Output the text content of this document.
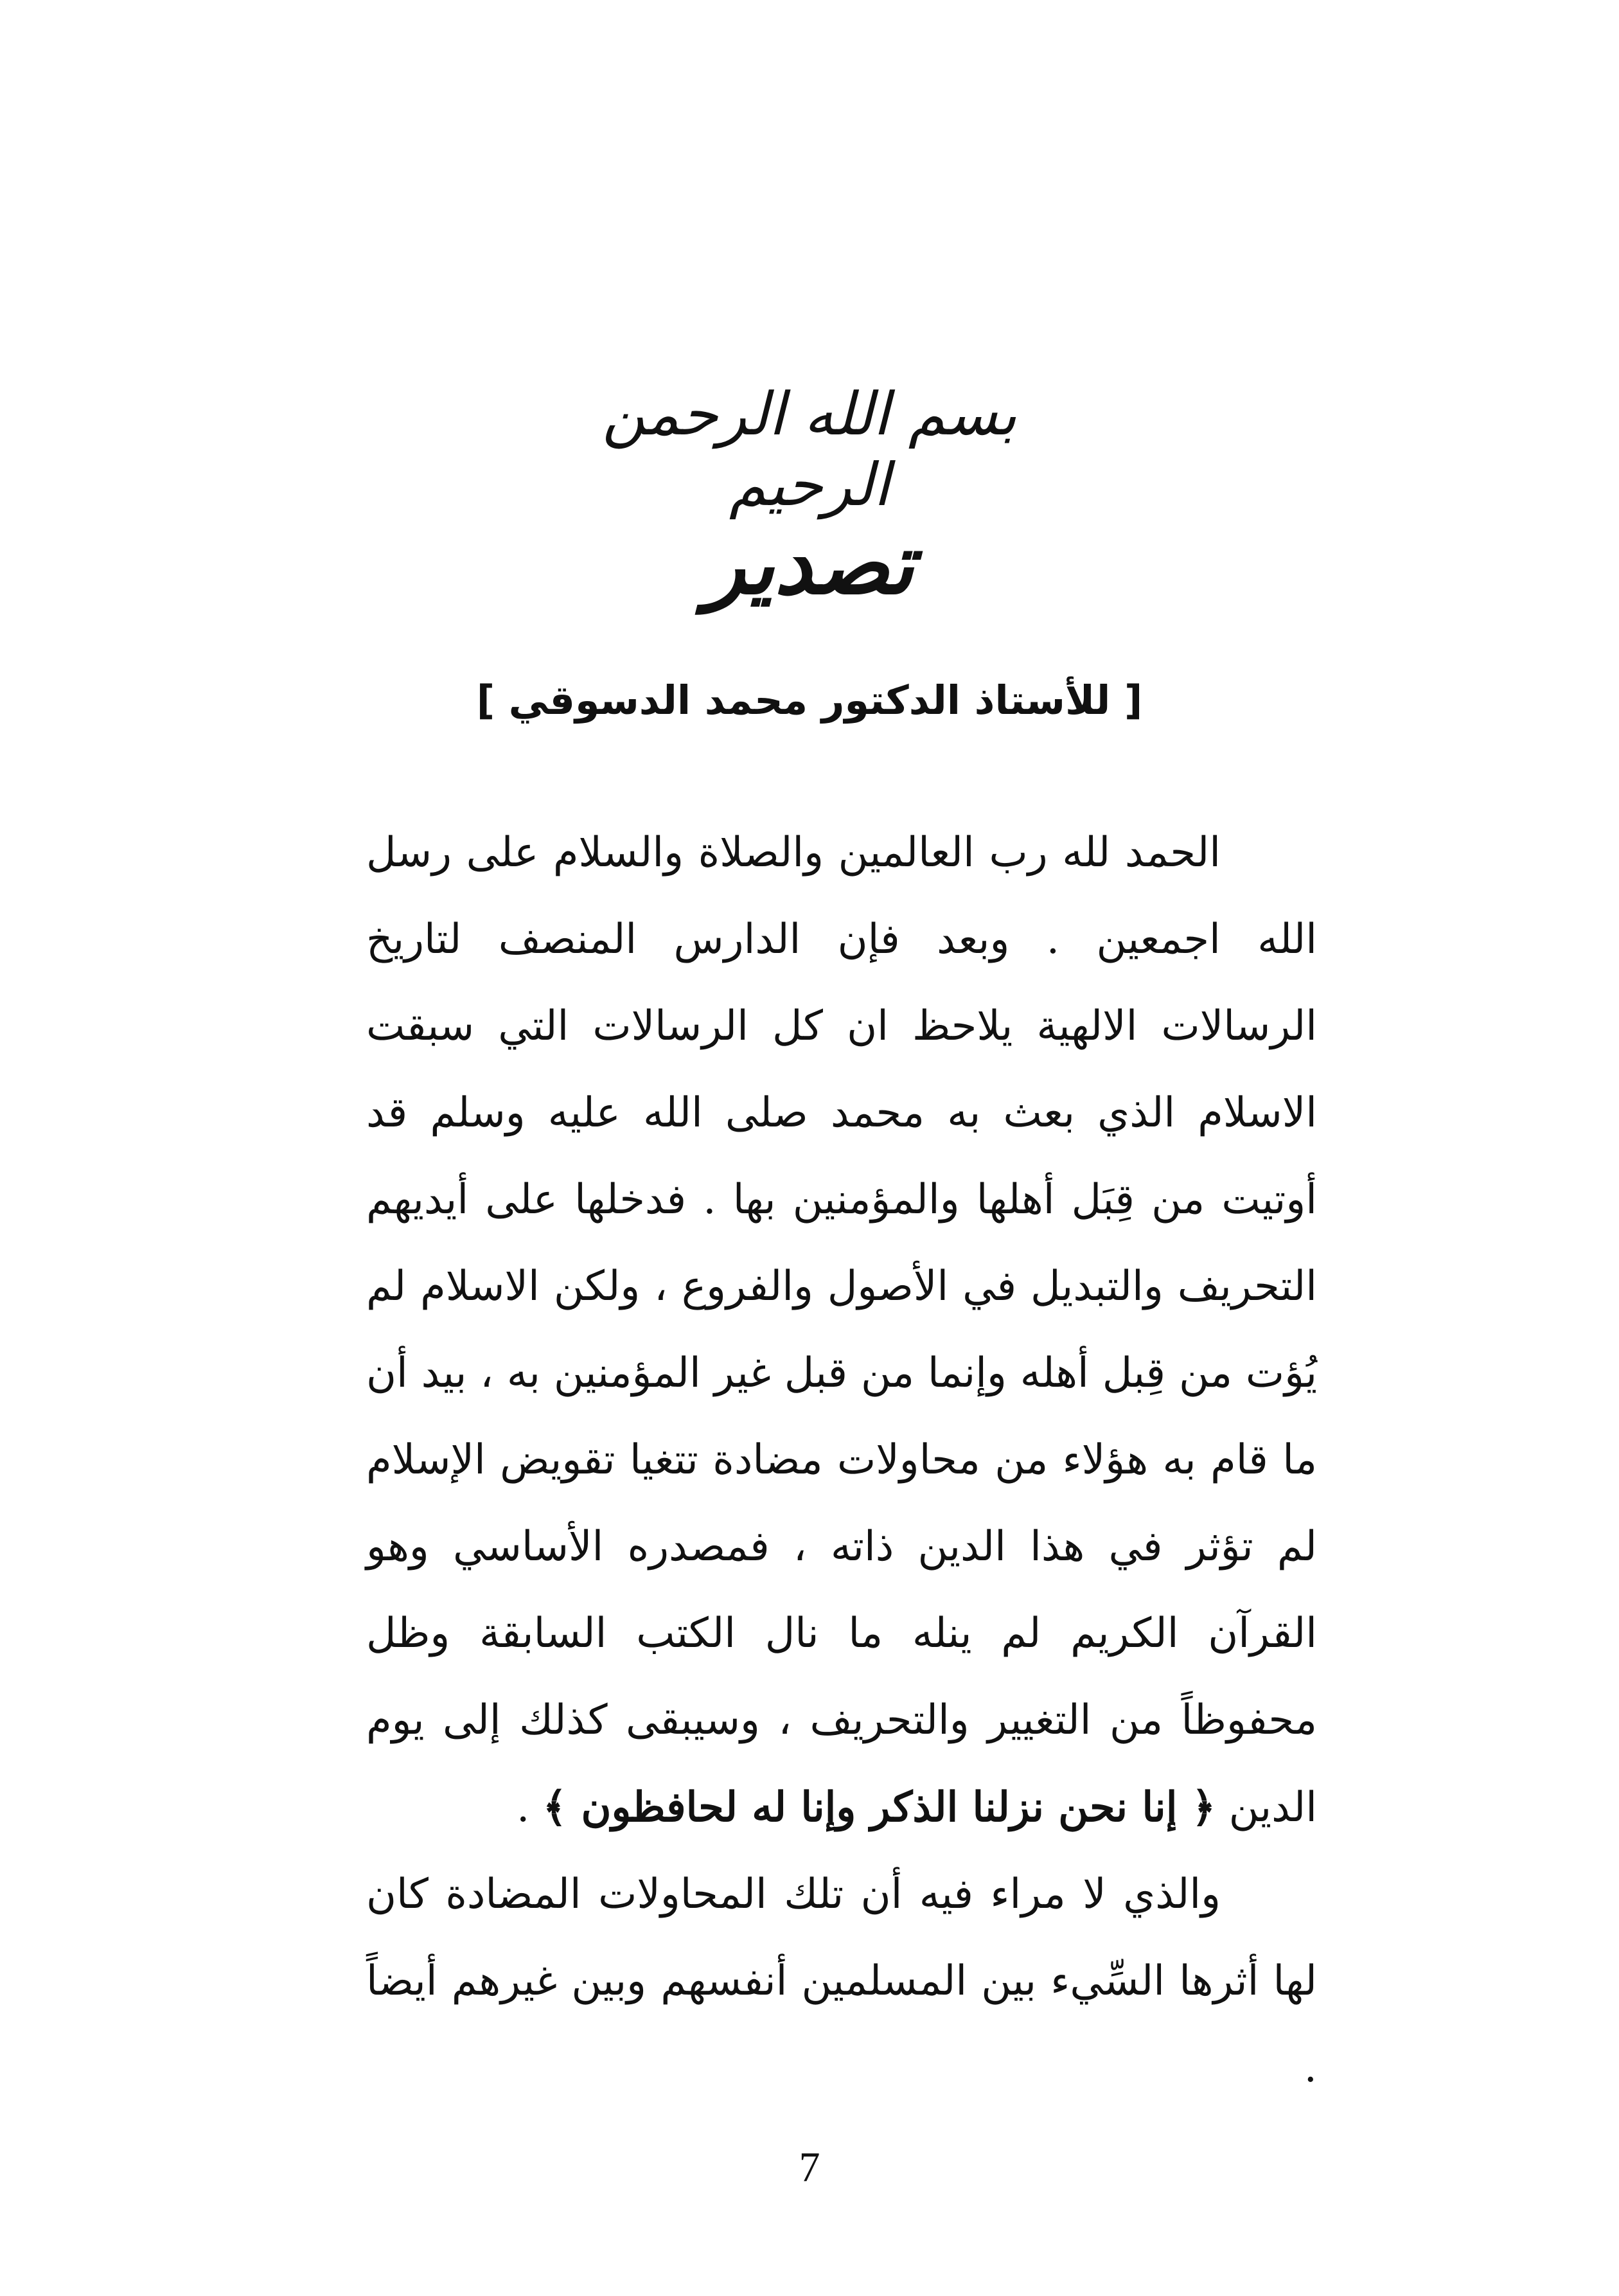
بسم الله الرحمن الرحيم
تصدير
[ للأستاذ الدكتور محمد الدسوقي ]

الحمد لله رب العالمين والصلاة والسلام على رسل الله اجمعين . وبعد فإن الدارس المنصف لتاريخ الرسالات الالهية يلاحظ ان كل الرسالات التي سبقت الاسلام الذي بعث به محمد صلى الله عليه وسلم قد أوتيت من قِبَل أهلها والمؤمنين بها . فدخلها على أيديهم التحريف والتبديل في الأصول والفروع ، ولكن الاسلام لم يُؤت من قِبل أهله وإنما من قبل غير المؤمنين به ، بيد أن ما قام به هؤلاء من محاولات مضادة تتغيا تقويض الإسلام لم تؤثر في هذا الدين ذاته ، فمصدره الأساسي وهو القرآن الكريم لم ينله ما نال الكتب السابقة وظل محفوظاً من التغيير والتحريف ، وسيبقى كذلك إلى يوم الدين ﴿ إنا نحن نزلنا الذكر وإنا له لحافظون ﴾ .

والذي لا مراء فيه أن تلك المحاولات المضادة كان لها أثرها السِّيء بين المسلمين أنفسهم وبين غيرهم أيضاً .

7
